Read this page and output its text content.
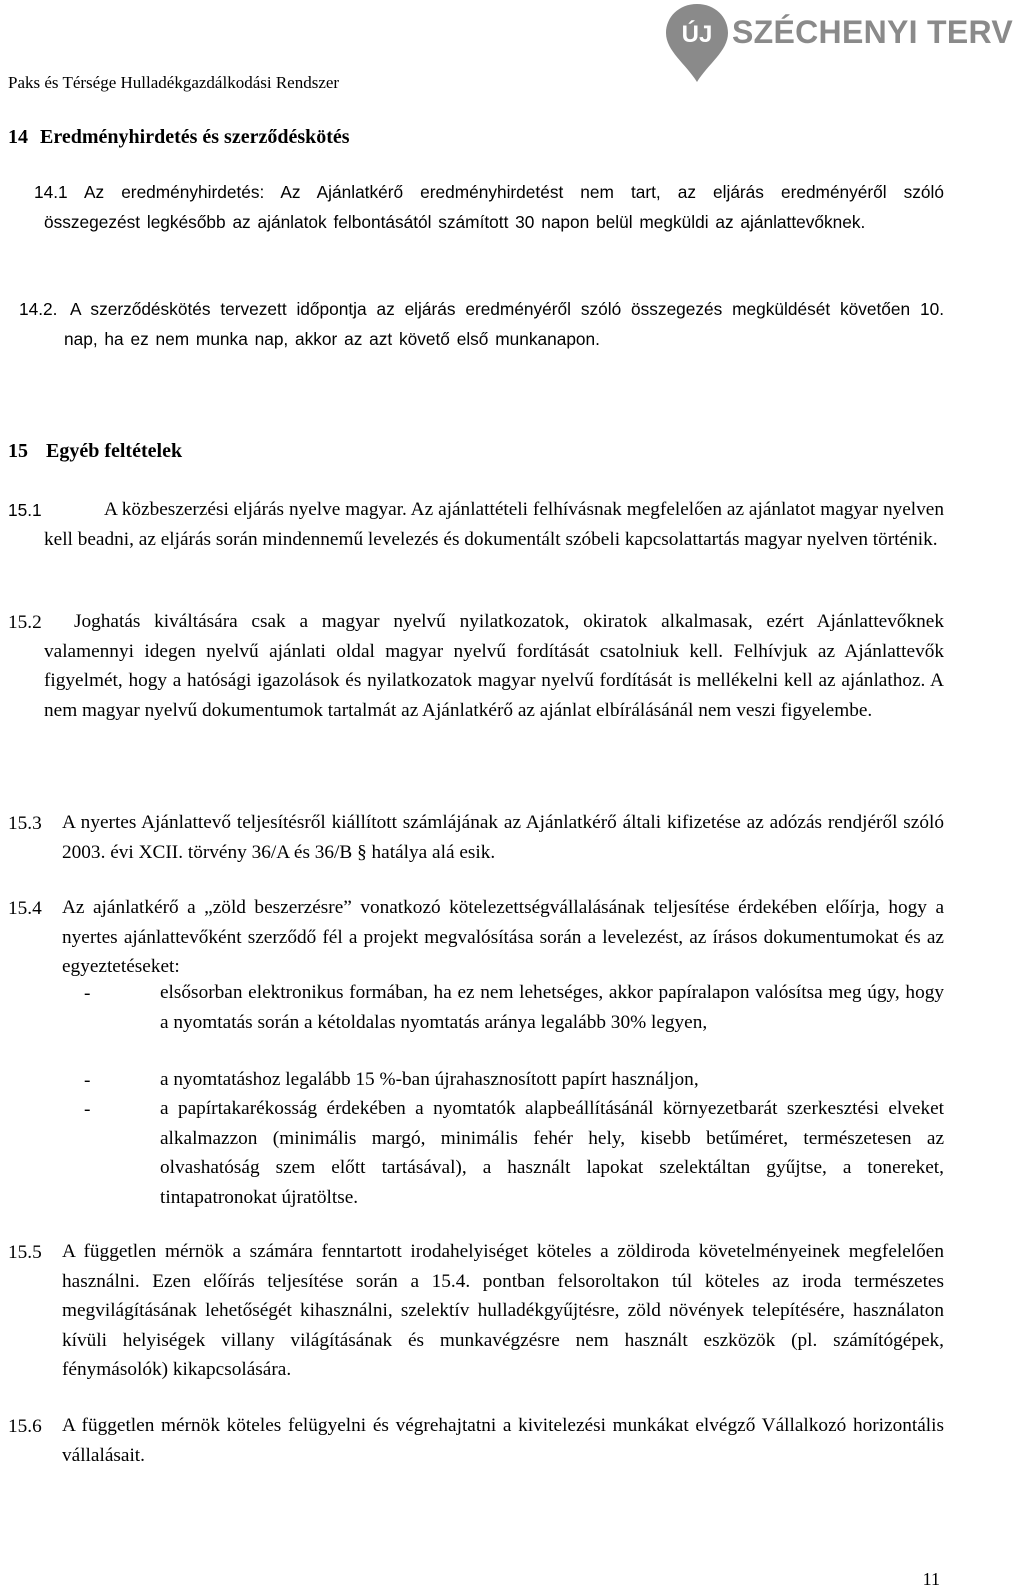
ÚJ SZÉCHENYI TERV
Paks és Térsége Hulladékgazdálkodási Rendszer
14 Eredményhirdetés és szerződéskötés
14.1 Az eredményhirdetés: Az Ajánlatkérő eredményhirdetést nem tart, az eljárás eredményéről szóló összegezést legkésőbb az ajánlatok felbontásától számított 30 napon belül megküldi az ajánlattevőknek.
14.2. A szerződéskötés tervezett időpontja az eljárás eredményéről szóló összegezés megküldését követően 10. nap, ha ez nem munka nap, akkor az azt követő első munkanapon.
15 Egyéb feltételek
15.1	A közbeszerzési eljárás nyelve magyar. Az ajánlattételi felhívásnak megfelelően az ajánlatot magyar nyelven kell beadni, az eljárás során mindennemű levelezés és dokumentált szóbeli kapcsolattartás magyar nyelven történik.
15.2	Joghatás kiváltására csak a magyar nyelvű nyilatkozatok, okiratok alkalmasak, ezért Ajánlattevőknek valamennyi idegen nyelvű ajánlati oldal magyar nyelvű fordítását csatolniuk kell. Felhívjuk az Ajánlattevők figyelmét, hogy a hatósági igazolások és nyilatkozatok magyar nyelvű fordítását is mellékelni kell az ajánlathoz. A nem magyar nyelvű dokumentumok tartalmát az Ajánlatkérő az ajánlat elbírálásánál nem veszi figyelembe.
15.3 A nyertes Ajánlattevő teljesítésről kiállított számlájának az Ajánlatkérő általi kifizetése az adózás rendjéről szóló 2003. évi XCII. törvény 36/A és 36/B § hatálya alá esik.
15.4 Az ajánlatkérő a „zöld beszerzésre” vonatkozó kötelezettségvállalásának teljesítése érdekében előírja, hogy a nyertes ajánlattevőként szerződő fél a projekt megvalósítása során a levelezést, az írásos dokumentumokat és az egyeztetéseket:
-	elsősorban elektronikus formában, ha ez nem lehetséges, akkor papíralapon valósítsa meg úgy, hogy a nyomtatás során a kétoldalas nyomtatás aránya legalább 30% legyen,
-	a nyomtatáshoz legalább 15 %-ban újrahasznosított papírt használjon,
-	a papírtakarékosság érdekében a nyomtatók alapbeállításánál környezetbarát szerkesztési elveket alkalmazzon (minimális margó, minimális fehér hely, kisebb betűméret, természetesen az olvashatóság szem előtt tartásával), a használt lapokat szelektáltan gyűjtse, a tonereket, tintapatronokat újratöltse.
15.5 A független mérnök a számára fenntartott irodahelyiséget köteles a zöldiroda követelményeinek megfelelően használni. Ezen előírás teljesítése során a 15.4. pontban felsoroltakon túl köteles az iroda természetes megvilágításának lehetőségét kihasználni, szelektív hulladékgyűjtésre, zöld növények telepítésére, használaton kívüli helyiségek villany világításának és munkavégzésre nem használt eszközök (pl. számítógépek, fénymásolók) kikapcsolására.
15.6 A független mérnök köteles felügyelni és végrehajtatni a kivitelezési munkákat elvégző Vállalkozó horizontális vállalásait.
11
